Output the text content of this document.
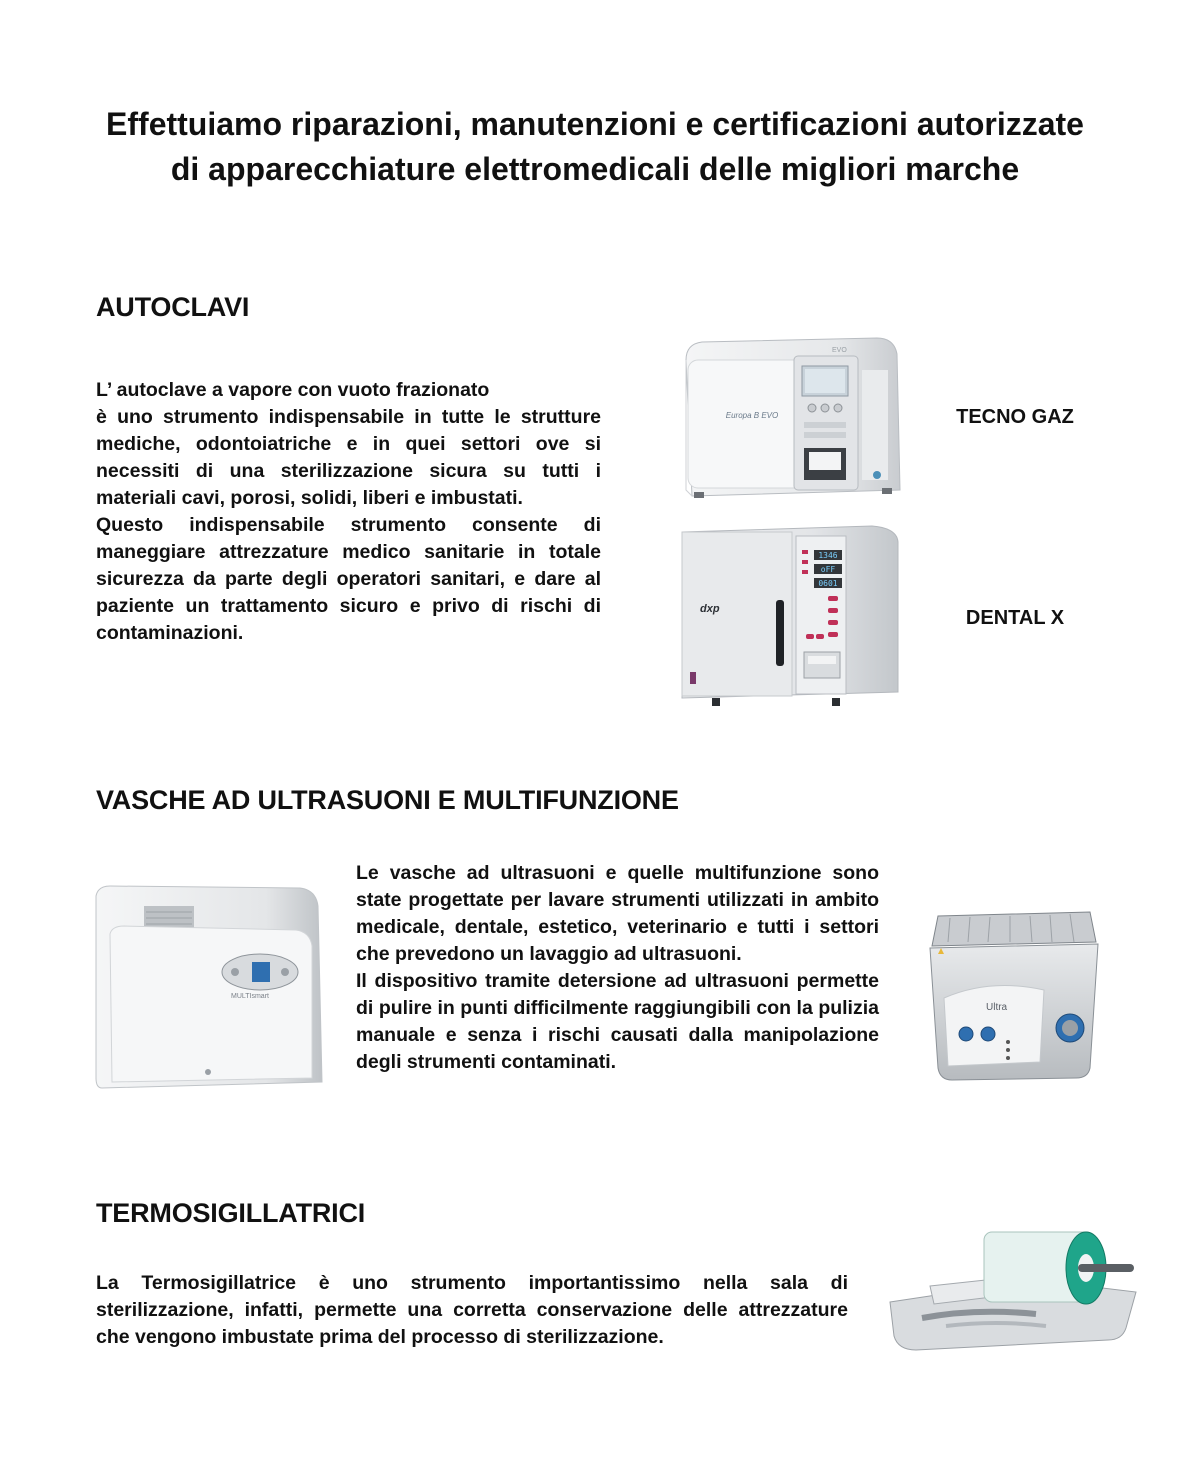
Effettuiamo riparazioni, manutenzioni e certificazioni autorizzate di apparecchiature elettromedicali delle migliori marche
AUTOCLAVI

L’ autoclave a vapore con vuoto frazionato

è uno strumento indispensabile in tutte le strutture mediche, odontoiatriche e in quei settori ove si necessiti di una sterilizzazione sicura su tutti i materiali cavi, porosi, solidi, liberi e imbustati.

Questo indispensabile strumento consente di maneggiare attrezzature medico sanitarie in totale sicurezza da parte degli operatori sanitari, e dare al paziente un trattamento sicuro e privo di rischi di contaminazioni.

Europa B EVO
EVO
TECNO GAZ
dxp
1346
oFF
0601
DENTAL X
VASCHE AD ULTRASUONI E MULTIFUNZIONE
MULTIsmart

Le vasche ad ultrasuoni e quelle multifunzione sono state progettate per lavare strumenti utilizzati in ambito medicale, dentale, estetico, veterinario e tutti i settori che prevedono un lavaggio ad ultrasuoni.

Il dispositivo tramite detersione ad ultrasuoni permette di pulire in punti difficilmente raggiungibili con la pulizia manuale e senza i rischi causati dalla manipolazione degli strumenti contaminati.

Ultra
TERMOSIGILLATRICI

La Termosigillatrice è uno strumento importantissimo nella sala di sterilizzazione, infatti, permette una corretta conservazione delle attrezzature che vengono imbustate prima del processo di sterilizzazione.
